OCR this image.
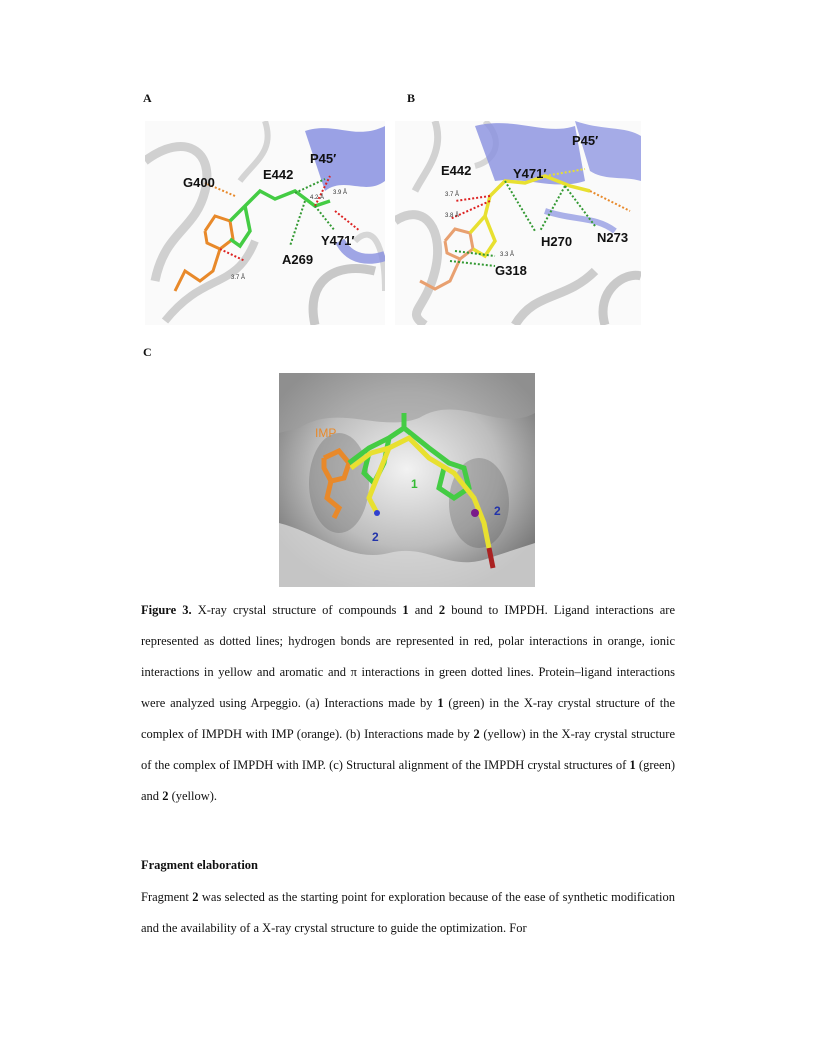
A	B
C
G400
E442
P45′
Y471′
A269
4.2 Å
3.9 Å
3.7 Å
E442	Y471′
P45′
H270 N273
G318
3.7 Å
3.8 Å
3.3 Å
IMP
1
2
2

Figure 3. X-ray crystal structure of compounds 1 and 2 bound to IMPDH. Ligand interactions are represented as dotted lines; hydrogen bonds are represented in red, polar interactions in orange, ionic interactions in yellow and aromatic and π interactions in green dotted lines. Protein–ligand interactions were analyzed using Arpeggio. (a) Interactions made by 1 (green) in the X-ray crystal structure of the complex of IMPDH with IMP (orange). (b) Interactions made by 2 (yellow) in the X-ray crystal structure of the complex of IMPDH with IMP. (c) Structural alignment of the IMPDH crystal structures of 1 (green) and 2 (yellow).

Fragment elaboration

Fragment 2 was selected as the starting point for exploration because of the ease of synthetic modification and the availability of a X-ray crystal structure to guide the optimization. For
